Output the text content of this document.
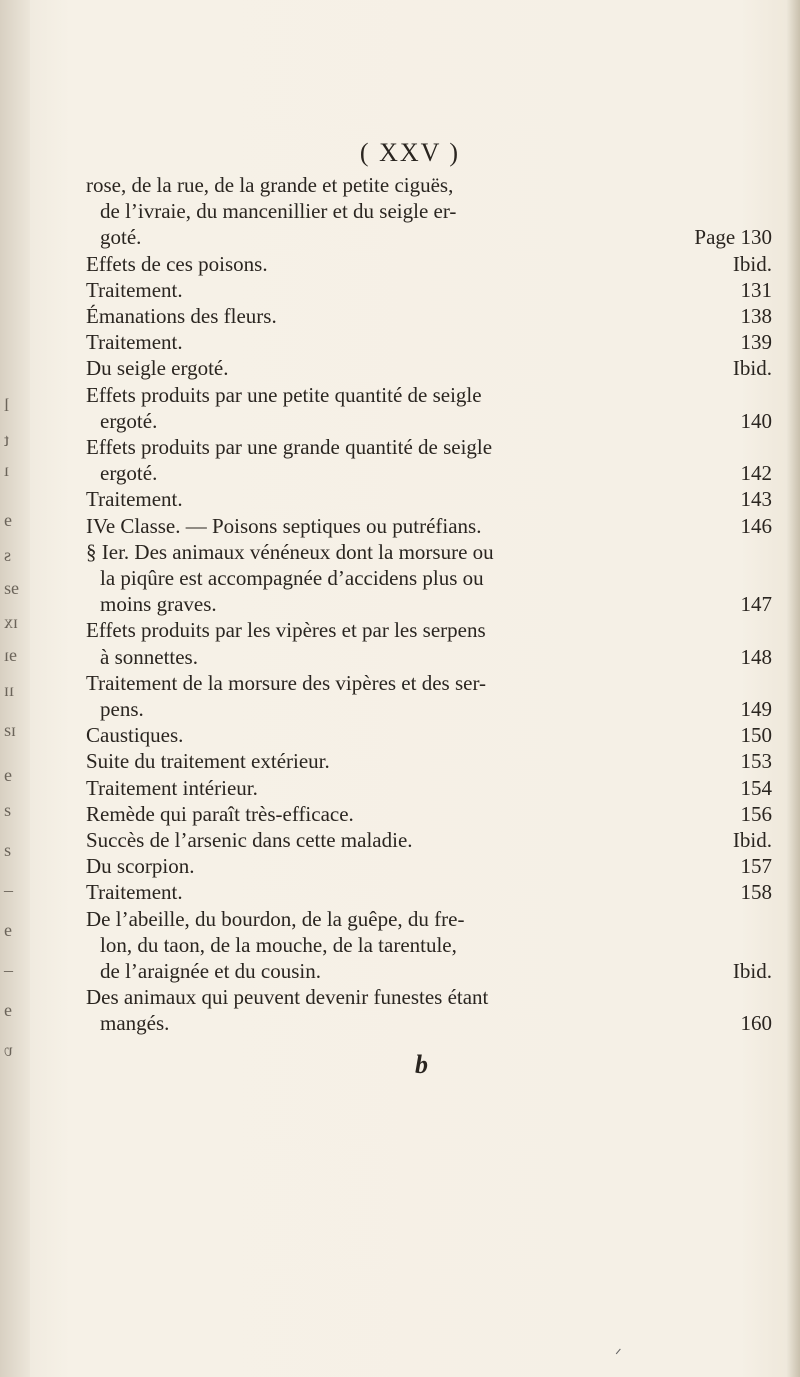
l
t
ı
ɘ
s
ɘƨ
ɪx
ɘı
ıɪ
ɪƨ
ɘ
ƨ
ƨ
–
ɘ
–
ɘ
ʋ
( XXV )
rose, de la rue, de la grande et petite ciguës,
de l’ivraie, du mancenillier et du seigle er-
goté.	Page 130
Effets de ces poisons.	Ibid.
Traitement.	131
Émanations des fleurs.	138
Traitement.	139
Du seigle ergoté.	Ibid.
Effets produits par une petite quantité de seigle
ergoté.	140
Effets produits par une grande quantité de seigle
ergoté.	142
Traitement.	143
IVe Classe. — Poisons septiques ou putréfians.	146
§ Ier. Des animaux vénéneux dont la morsure ou
la piqûre est accompagnée d’accidens plus ou
moins graves.	147
Effets produits par les vipères et par les serpens
à sonnettes.	148
Traitement de la morsure des vipères et des ser-
pens.	149
Caustiques.	150
Suite du traitement extérieur.	153
Traitement intérieur.	154
Remède qui paraît très-efficace.	156
Succès de l’arsenic dans cette maladie.	Ibid.
Du scorpion.	157
Traitement.	158
De l’abeille, du bourdon, de la guêpe, du fre-
lon, du taon, de la mouche, de la tarentule,
de l’araignée et du cousin.	Ibid.
Des animaux qui peuvent devenir funestes étant
mangés.	160
b
ᐟ
